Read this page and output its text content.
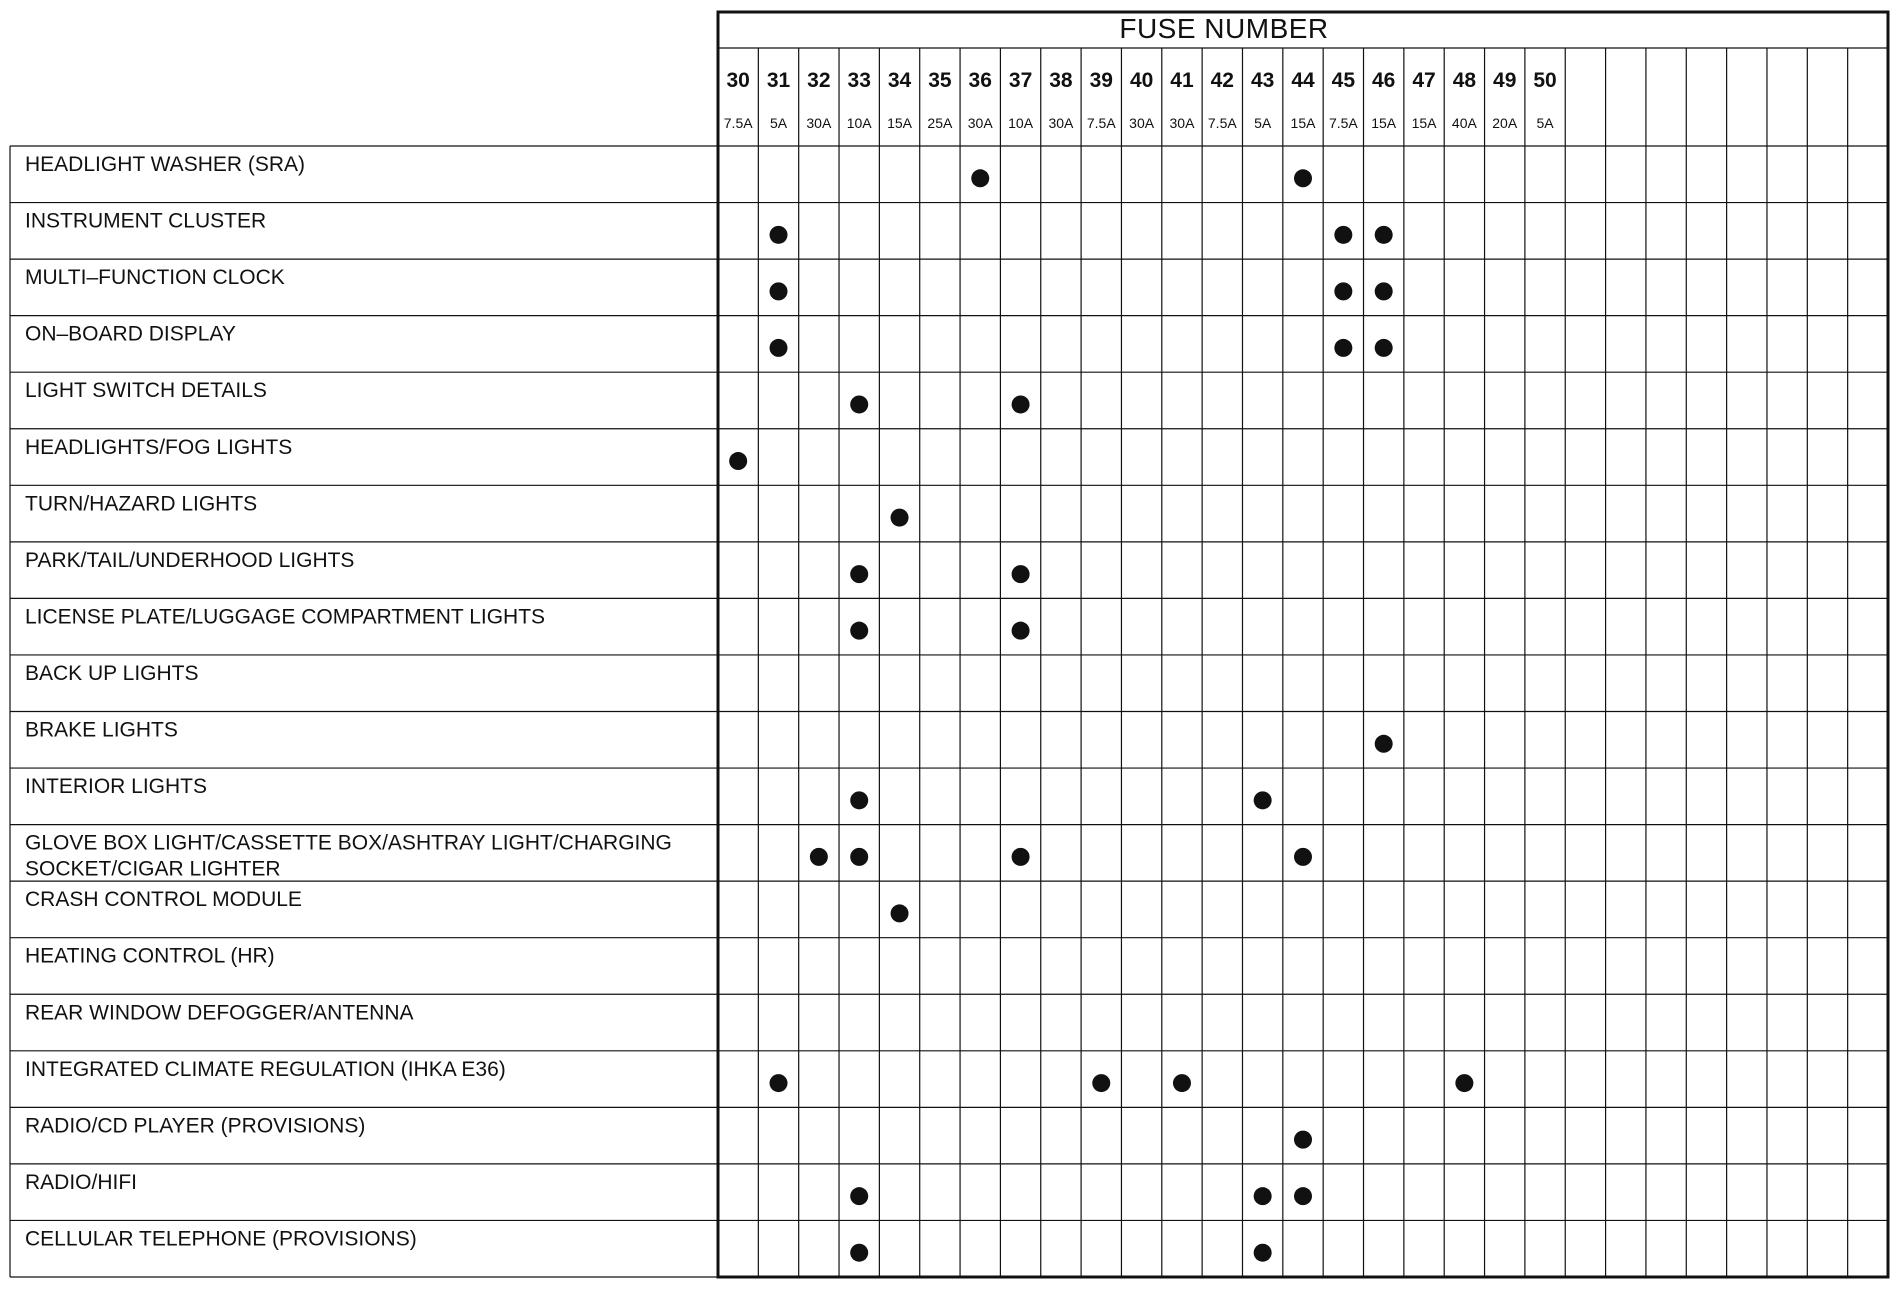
FUSE NUMBER
30
7.5A
31
5A
32
30A
33
10A
34
15A
35
25A
36
30A
37
10A
38
30A
39
7.5A
40
30A
41
30A
42
7.5A
43
5A
44
15A
45
7.5A
46
15A
47
15A
48
40A
49
20A
50
5A
HEADLIGHT WASHER (SRA)
INSTRUMENT CLUSTER
MULTI–FUNCTION CLOCK
ON–BOARD DISPLAY
LIGHT SWITCH DETAILS
HEADLIGHTS/FOG LIGHTS
TURN/HAZARD LIGHTS
PARK/TAIL/UNDERHOOD LIGHTS
LICENSE PLATE/LUGGAGE COMPARTMENT LIGHTS
BACK UP LIGHTS
BRAKE LIGHTS
INTERIOR LIGHTS
GLOVE BOX LIGHT/CASSETTE BOX/ASHTRAY LIGHT/CHARGING
SOCKET/CIGAR LIGHTER
CRASH CONTROL MODULE
HEATING CONTROL (HR)
REAR WINDOW DEFOGGER/ANTENNA
INTEGRATED CLIMATE REGULATION (IHKA E36)
RADIO/CD PLAYER (PROVISIONS)
RADIO/HIFI
CELLULAR TELEPHONE (PROVISIONS)
